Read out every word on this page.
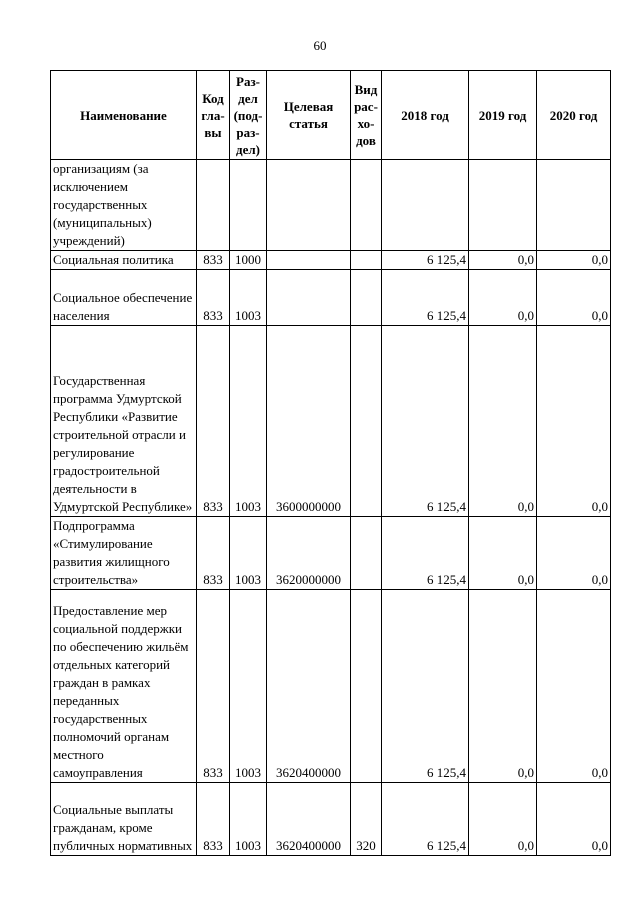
60
Наименование	Код гла- вы	Раз- дел (под- раз- дел)	Целевая статья	Вид рас- хо- дов	2018 год	2019 год	2020 год
организациям (за исключением государственных (муниципальных) учреждений)							
Социальная политика	833	1000			6 125,4	0,0	0,0
Социальное обеспечение населения	833	1003			6 125,4	0,0	0,0
Государственная программа Удмуртской Республики «Развитие строительной отрасли и регулирование градостроительной деятельности в Удмуртской Республике»	833	1003	3600000000		6 125,4	0,0	0,0
Подпрограмма «Стимулирование развития жилищного строительства»	833	1003	3620000000		6 125,4	0,0	0,0
Предоставление мер социальной поддержки по обеспечению жильём отдельных категорий граждан в рамках переданных государственных полномочий органам местного самоуправления	833	1003	3620400000		6 125,4	0,0	0,0
Социальные выплаты гражданам, кроме публичных нормативных	833	1003	3620400000	320	6 125,4	0,0	0,0
